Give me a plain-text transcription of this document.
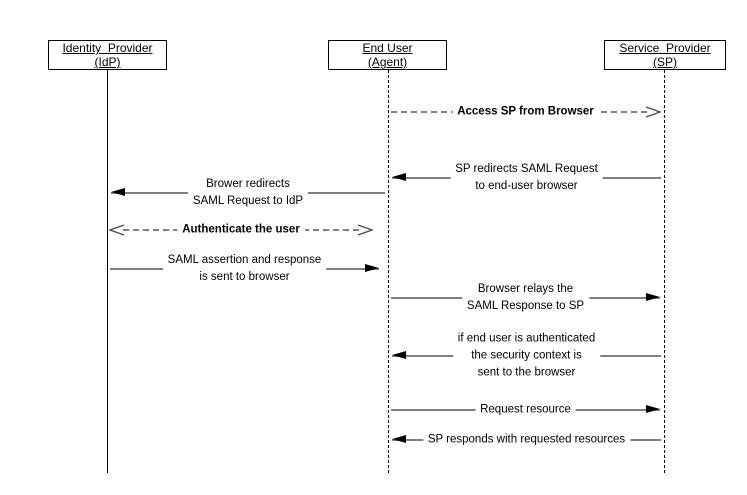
Identity  Provider
(IdP)
End User
(Agent)
Service  Provider
(SP)
Access SP from Browser
SP redirects SAML Request
to end-user browser
Brower redirects
SAML Request to IdP
Authenticate the user
SAML assertion and response
is sent to browser
Browser relays the
SAML Response to SP
if end user is authenticated
the security context is
sent to the browser
Request resource
SP responds with requested resources
